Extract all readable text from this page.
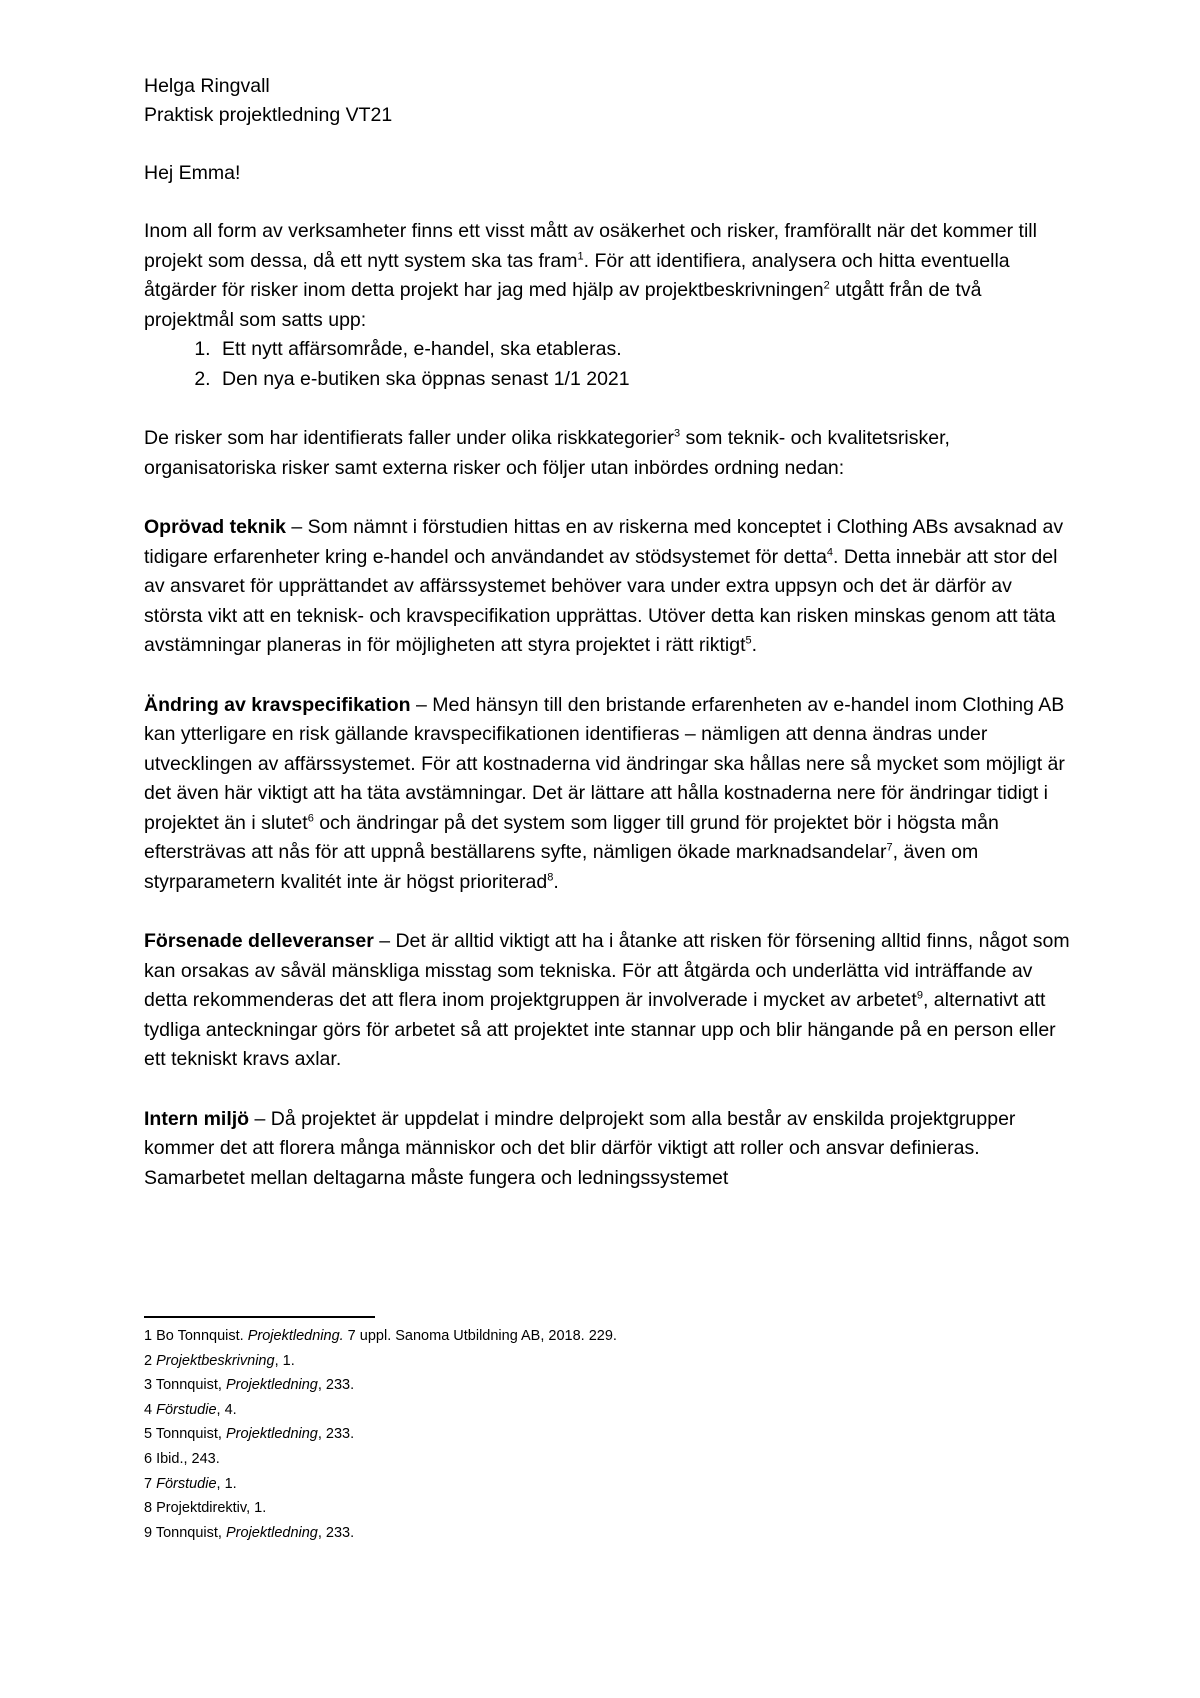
Helga Ringvall

Praktisk projektledning VT21

Hej Emma!

Inom all form av verksamheter finns ett visst mått av osäkerhet och risker, framförallt när det kommer till projekt som dessa, då ett nytt system ska tas fram$^1$. För att identifiera, analysera och hitta eventuella åtgärder för risker inom detta projekt har jag med hjälp av projektbeskrivningen$^2$ utgått från de två projektmål som satts upp:

1. Ett nytt affärsområde, e-handel, ska etableras.
2. Den nya e-butiken ska öppnas senast 1/1 2021

De risker som har identifierats faller under olika riskkategorier$^3$ som teknik- och kvalitetsrisker, organisatoriska risker samt externa risker och följer utan inbördes ordning nedan:

Oprövad teknik – Som nämnt i förstudien hittas en av riskerna med konceptet i Clothing ABs avsaknad av tidigare erfarenheter kring e-handel och användandet av stödsystemet för detta$^4$. Detta innebär att stor del av ansvaret för upprättandet av affärssystemet behöver vara under extra uppsyn och det är därför av största vikt att en teknisk- och kravspecifikation upprättas. Utöver detta kan risken minskas genom att täta avstämningar planeras in för möjligheten att styra projektet i rätt riktigt$^5$.

Ändring av kravspecifikation – Med hänsyn till den bristande erfarenheten av e-handel inom Clothing AB kan ytterligare en risk gällande kravspecifikationen identifieras – nämligen att denna ändras under utvecklingen av affärssystemet. För att kostnaderna vid ändringar ska hållas nere så mycket som möjligt är det även här viktigt att ha täta avstämningar. Det är lättare att hålla kostnaderna nere för ändringar tidigt i projektet än i slutet$^6$ och ändringar på det system som ligger till grund för projektet bör i högsta mån eftersträvas att nås för att uppnå beställarens syfte, nämligen ökade marknadsandelar$^7$, även om styrparametern kvalitét inte är högst prioriterad$^8$.

Försenade delleveranser – Det är alltid viktigt att ha i åtanke att risken för försening alltid finns, något som kan orsakas av såväl mänskliga misstag som tekniska. För att åtgärda och underlätta vid inträffande av detta rekommenderas det att flera inom projektgruppen är involverade i mycket av arbetet$^9$, alternativt att tydliga anteckningar görs för arbetet så att projektet inte stannar upp och blir hängande på en person eller ett tekniskt kravs axlar.

Intern miljö – Då projektet är uppdelat i mindre delprojekt som alla består av enskilda projektgrupper kommer det att florera många människor och det blir därför viktigt att roller och ansvar definieras. Samarbetet mellan deltagarna måste fungera och ledningssystemet

1 Bo Tonnquist. Projektledning. 7 uppl. Sanoma Utbildning AB, 2018. 229.

2 Projektbeskrivning, 1.

3 Tonnquist, Projektledning, 233.

4 Förstudie, 4.

5 Tonnquist, Projektledning, 233.

6 Ibid., 243.

7 Förstudie, 1.

8 Projektdirektiv, 1.

9 Tonnquist, Projektledning, 233.
